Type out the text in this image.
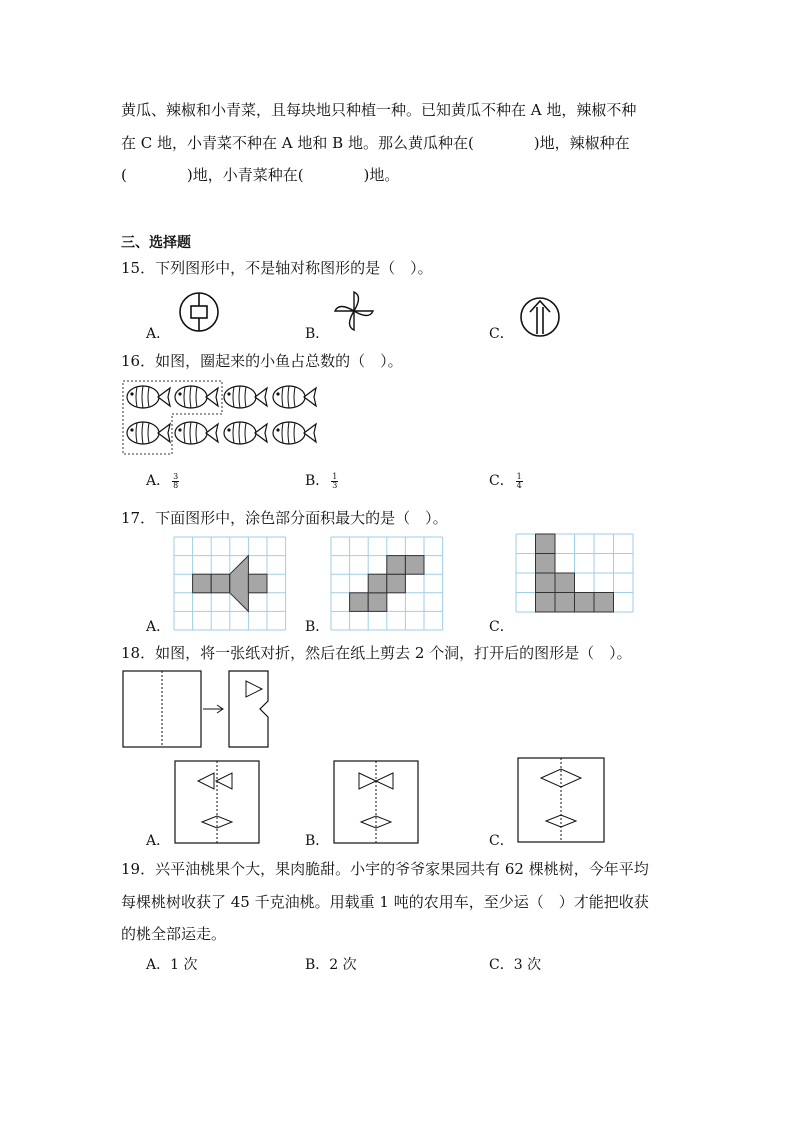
黄瓜、辣椒和小青菜，且每块地只种植一种。已知黄瓜不种在 A 地，辣椒不种
在 C 地，小青菜不种在 A 地和 B 地。那么黄瓜种在(　　　　)地，辣椒种在
(　　　　)地，小青菜种在(　　　　)地。
三、选择题
15．下列图形中，不是轴对称图形的是（　）。
A．	B．	C．
16．如图，圈起来的小鱼占总数的（　）。
A． $\frac{3}{8}$	B． $\frac{1}{3}$	C． $\frac{1}{4}$
17．下面图形中，涂色部分面积最大的是（　）。
A．	B．	C．
18．如图，将一张纸对折，然后在纸上剪去 2 个洞，打开后的图形是（　）。
A．	B．	C．
19．兴平油桃果个大，果肉脆甜。小宇的爷爷家果园共有 62 棵桃树，今年平均
每棵桃树收获了 45 千克油桃。用载重 1 吨的农用车，至少运（　）才能把收获
的桃全部运走。
A．1 次	B．2 次	C．3 次
